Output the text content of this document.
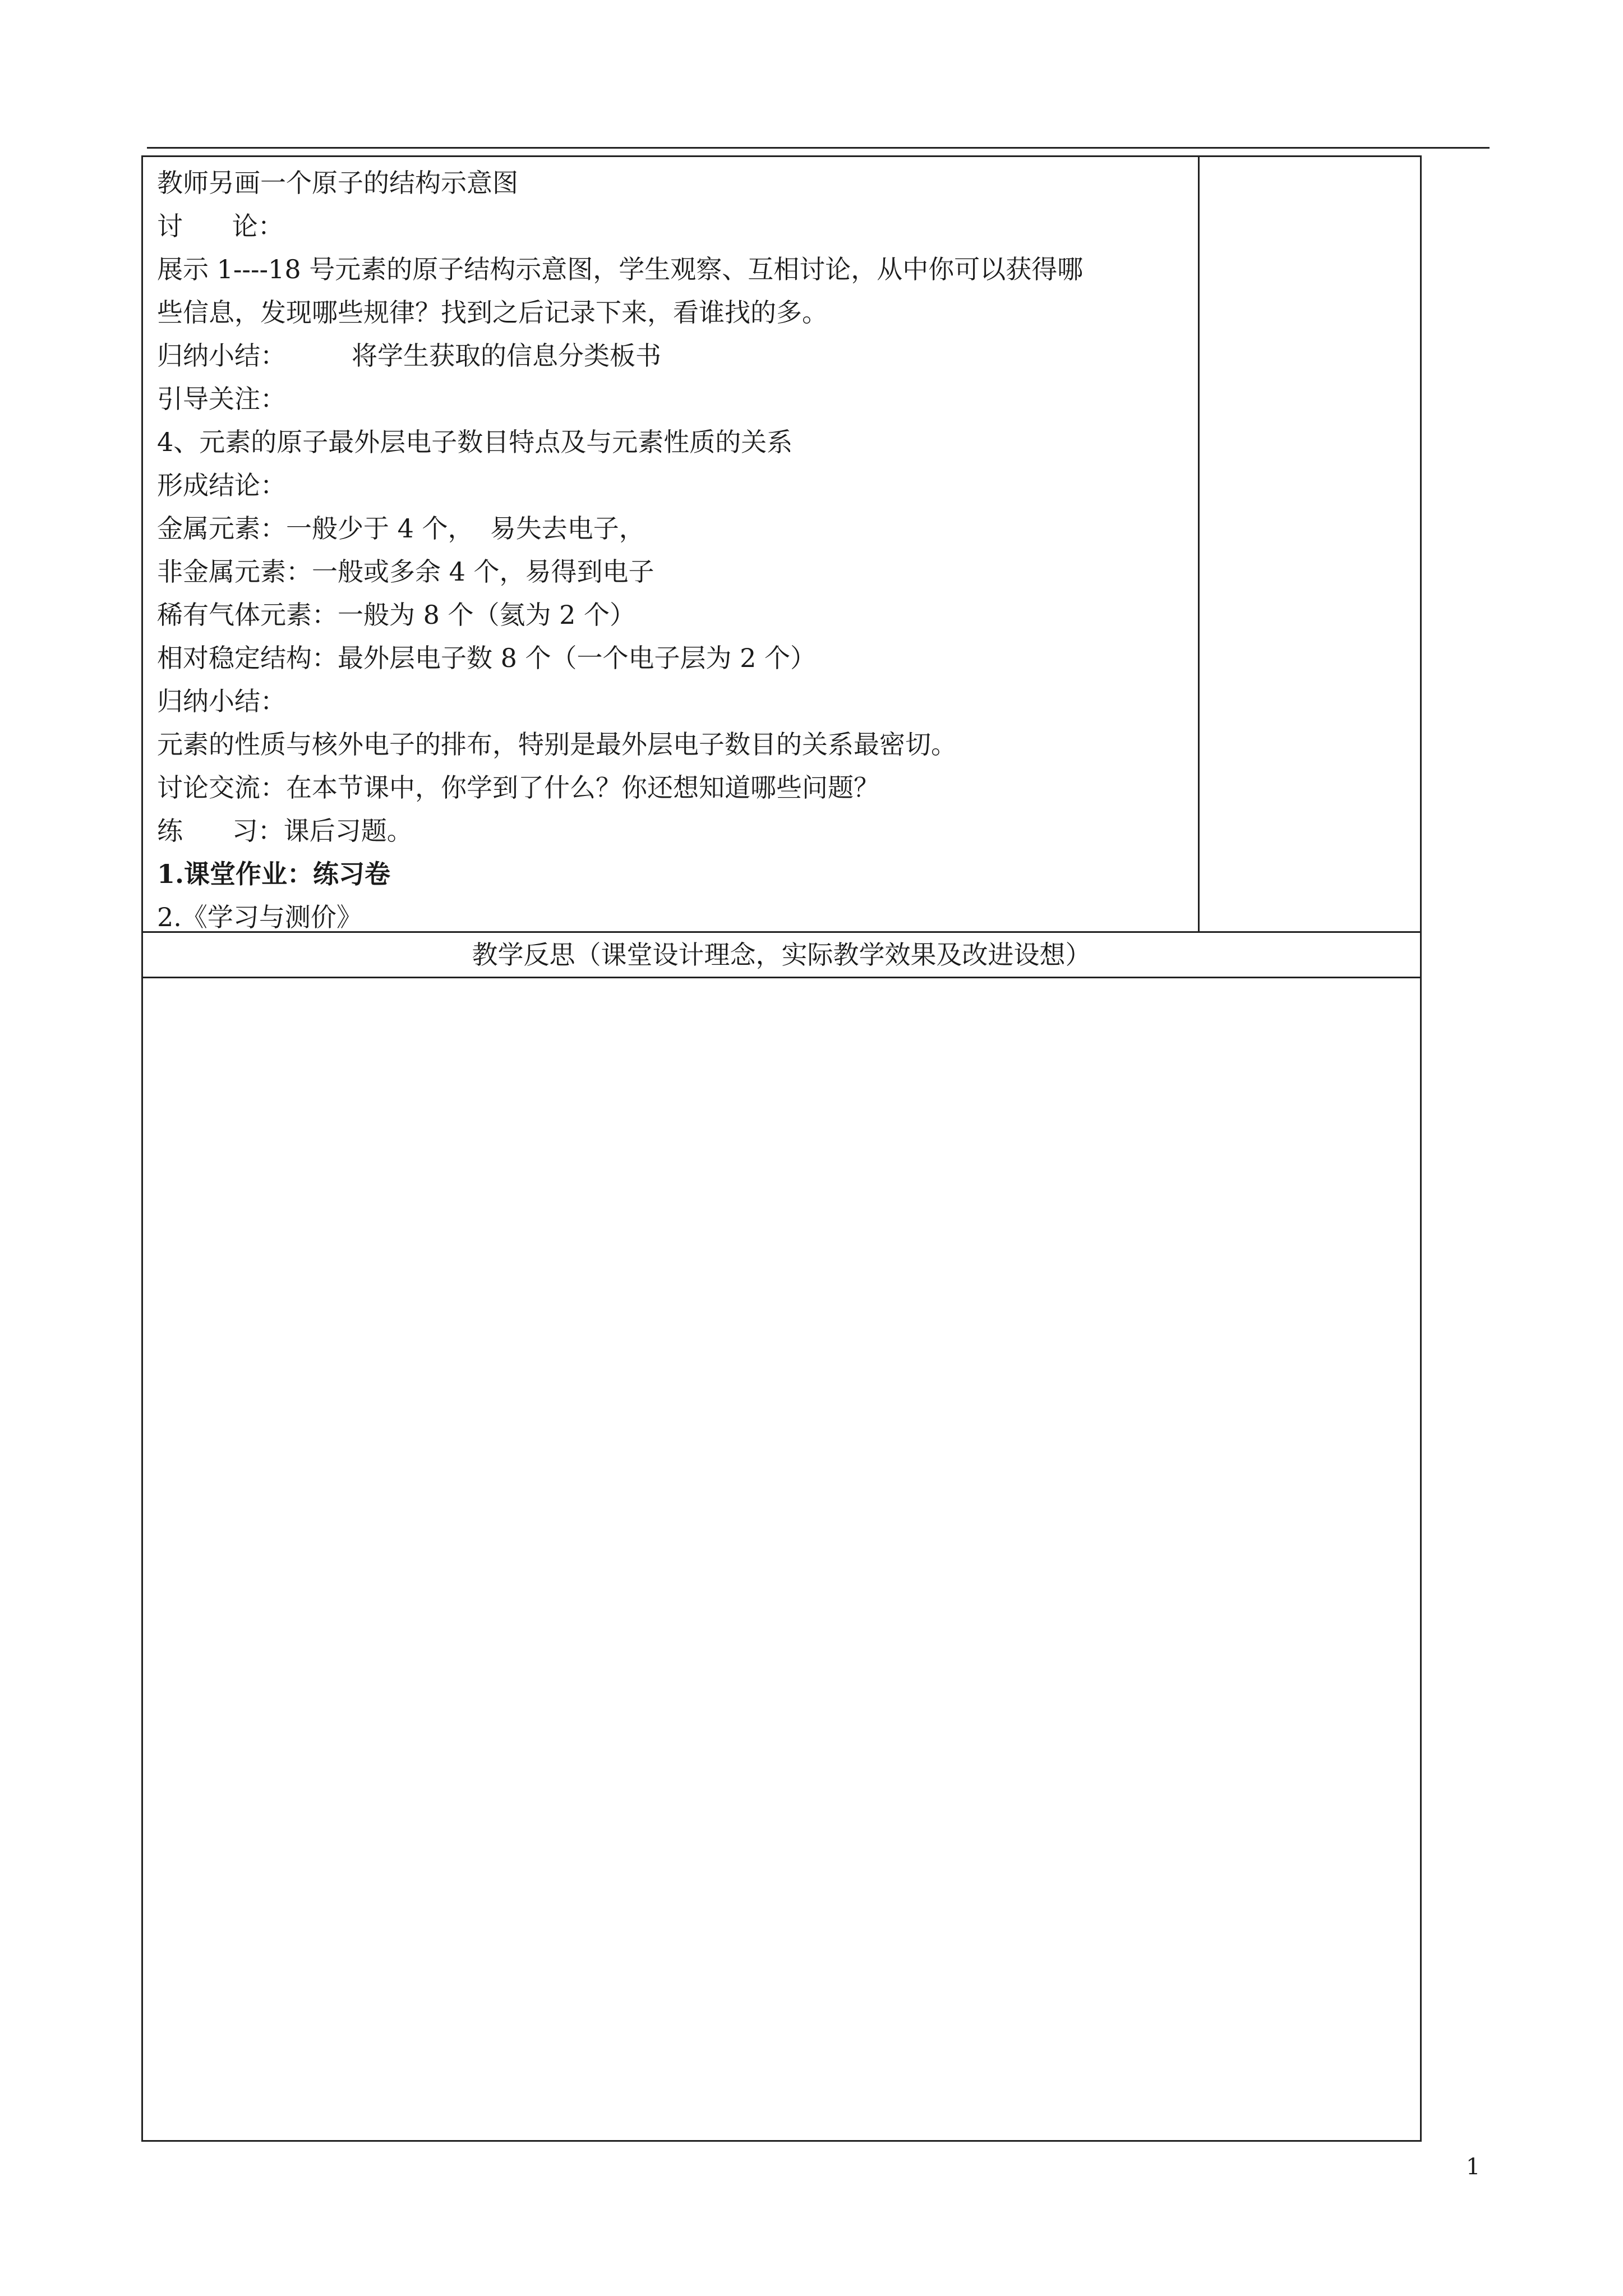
教师另画一个原子的结构示意图
讨      论：
展示 1----18 号元素的原子结构示意图，学生观察、互相讨论，从中你可以获得哪
些信息，发现哪些规律？找到之后记录下来，看谁找的多。
归纳小结：        将学生获取的信息分类板书
引导关注：
4、元素的原子最外层电子数目特点及与元素性质的关系
形成结论：
金属元素：一般少于 4 个，  易失去电子，
非金属元素：一般或多余 4 个，易得到电子
稀有气体元素：一般为 8 个（氦为 2 个）
相对稳定结构：最外层电子数 8 个（一个电子层为 2 个）
归纳小结：
元素的性质与核外电子的排布，特别是最外层电子数目的关系最密切。
讨论交流：在本节课中，你学到了什么？你还想知道哪些问题？
练      习：课后习题。
1.课堂作业：练习卷
2.《学习与测价》
教学反思（课堂设计理念，实际教学效果及改进设想）
1
